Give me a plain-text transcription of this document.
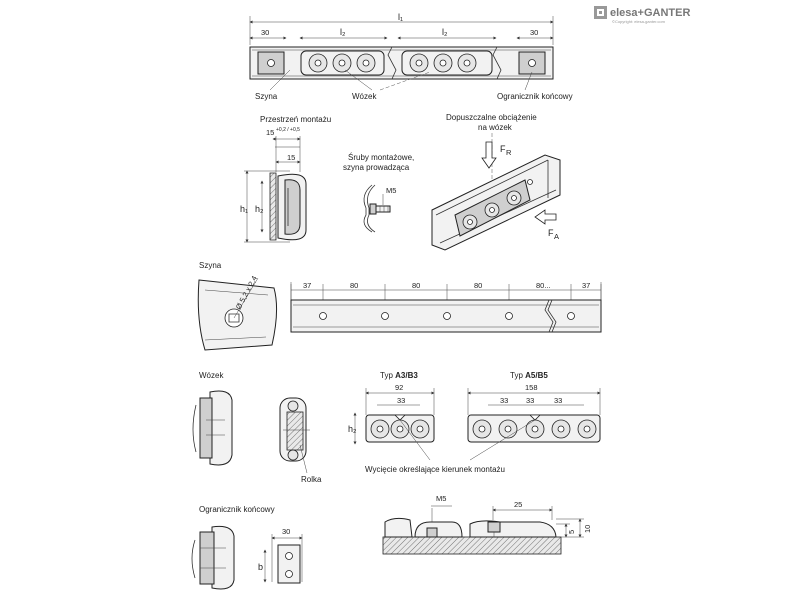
elesa+GANTER
©Copyright: elesa-ganter.com
l₁
30	30
l₂	l₂
Szyna	Wózek	Ogranicznik końcowy
Przestrzeń montażu
15 +0,2 / +0,5
15
h₁ h₂
Śruby montażowe,
szyna prowadząca
M5
Dopuszczalne obciążenie
na wózek
F R
F A
Szyna
Ø 5,2 x 2,4	37	80	80	80	80...	37
Wózek
Rolka
Typ A3/B3
92
33
h₂
Typ A5/B5
158
33 33	33
Wycięcie określające kierunek montażu
Ogranicznik końcowy
30
b
M5
25
10
5
